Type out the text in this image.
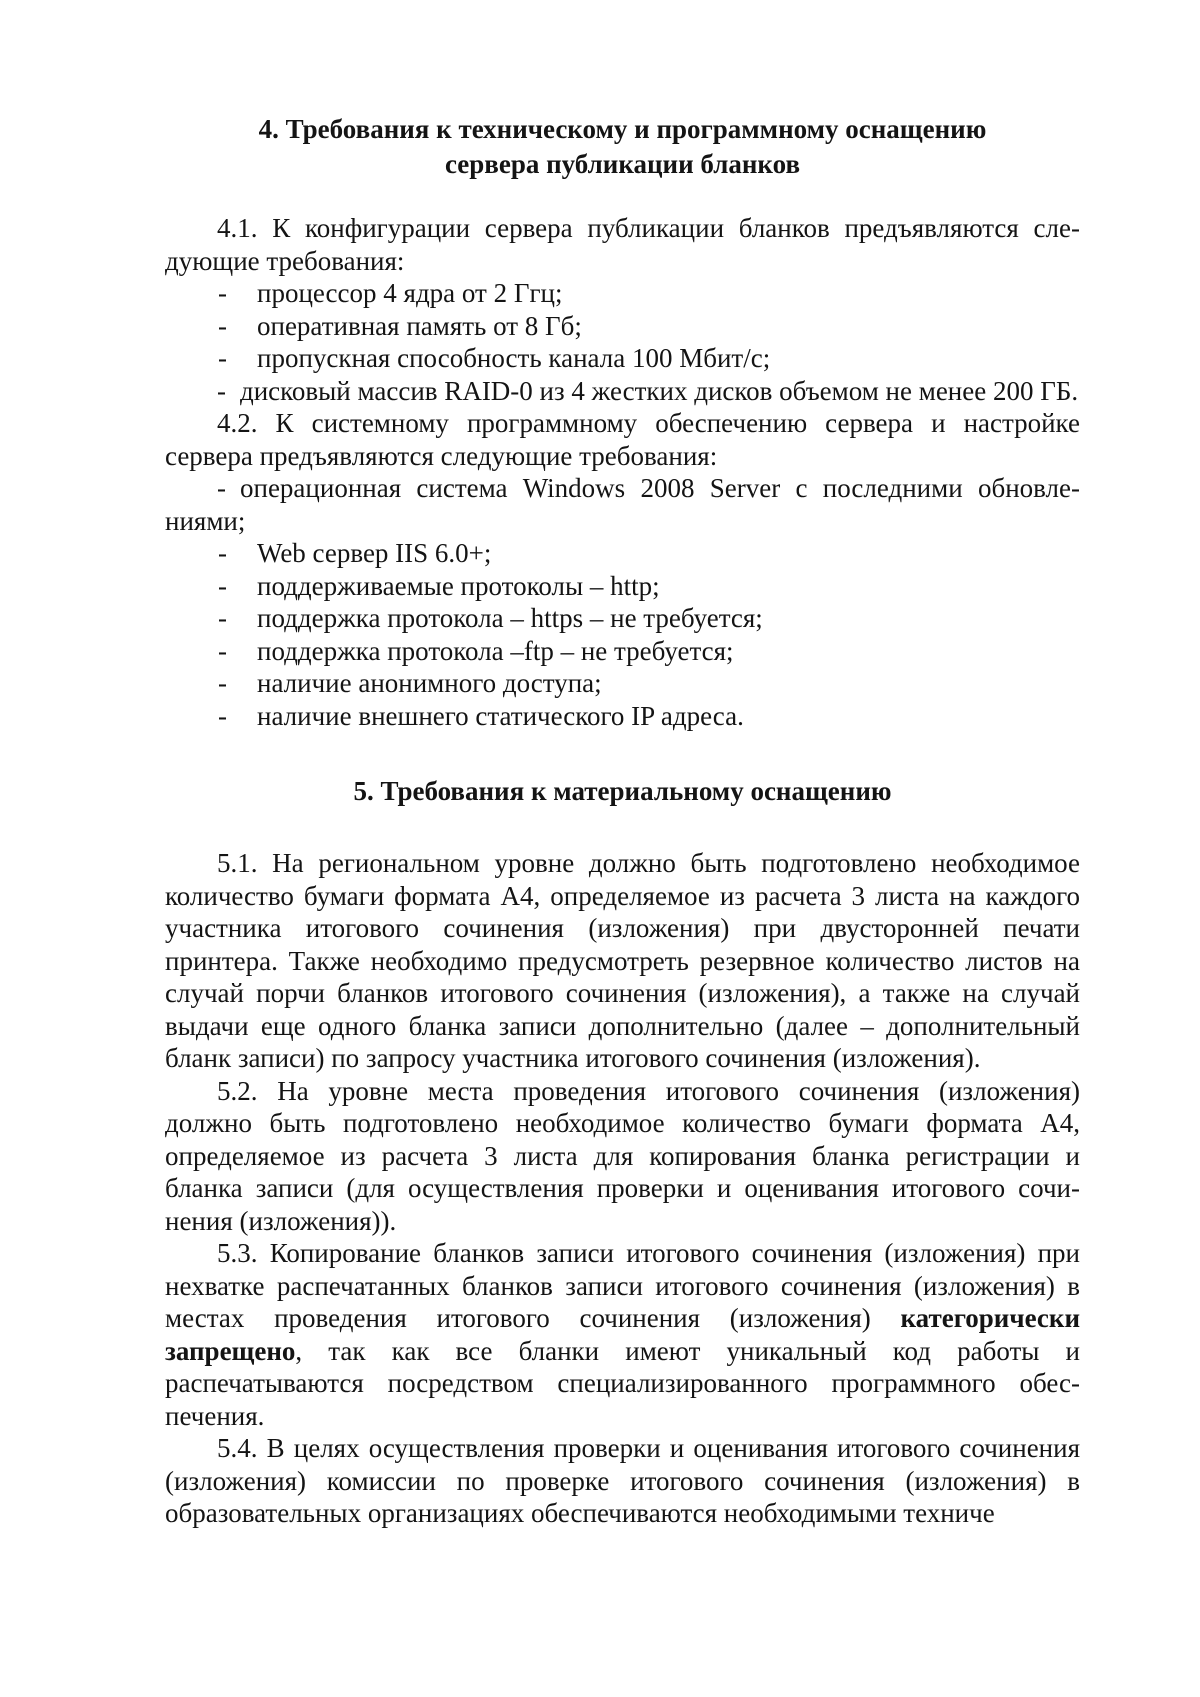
4. Требования к техническому и программному оснащению
сервера публикации бланков

4.1. К конфигурации сервера публикации бланков предъявляются следующие требования:

- процессор 4 ядра от 2 Ггц;
- оперативная память от 8 Гб;
- пропускная способность канала 100 Мбит/с;
- дисковый массив RAID-0 из 4 жестких дисков объемом не менее 200 ГБ.

4.2. К системному программному обеспечению сервера и настройке сервера предъявляются следующие требования:

- операционная система Windows 2008 Server с последними обновлениями;
- Web сервер IIS 6.0+;
- поддерживаемые протоколы – http;
- поддержка протокола – https – не требуется;
- поддержка протокола –ftp – не требуется;
- наличие анонимного доступа;
- наличие внешнего статического IP адреса.
5. Требования к материальному оснащению

5.1. На региональном уровне должно быть подготовлено необходимое количество бумаги формата А4, определяемое из расчета 3 листа на каждого участника итогового сочинения (изложения) при двусторонней печати принтера. Также необходимо предусмотреть резервное количество листов на случай порчи бланков итогового сочинения (изложения), а также на случай выдачи еще одного бланка записи дополнительно (далее – дополнительный бланк записи) по запросу участника итогового сочинения (изложения).

5.2. На уровне места проведения итогового сочинения (изложения) должно быть подготовлено необходимое количество бумаги формата А4, определяемое из расчета 3 листа для копирования бланка регистрации и бланка записи (для осуществления проверки и оценивания итогового сочинения (изложения)).

5.3. Копирование бланков записи итогового сочинения (изложения) при нехватке распечатанных бланков записи итогового сочинения (изложения) в местах проведения итогового сочинения (изложения) категорически запрещено, так как все бланки имеют уникальный код работы и распечатываются посредством специализированного программного обеспечения.

5.4. В целях осуществления проверки и оценивания итогового сочинения (изложения) комиссии по проверке итогового сочинения (изложения) в образовательных организациях обеспечиваются необходимыми техниче
